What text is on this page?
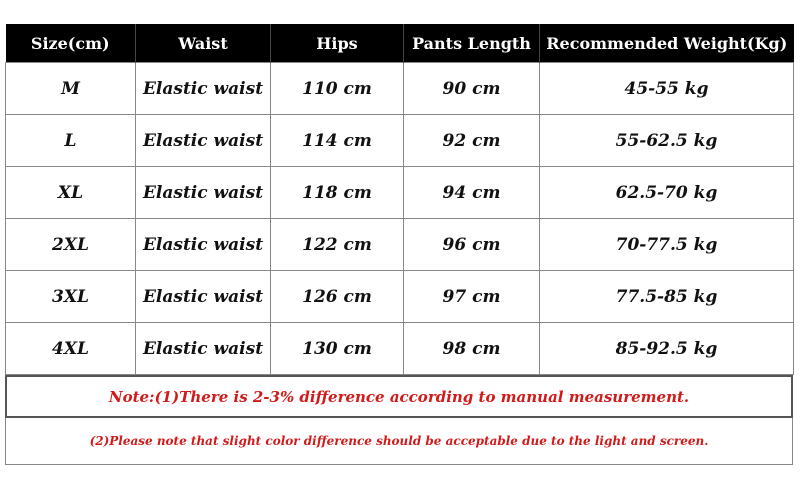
Size(cm)	Waist	Hips	Pants Length	Recommended Weight(Kg)
M	Elastic waist	110 cm	90 cm	45-55 kg
L	Elastic waist	114 cm	92 cm	55-62.5 kg
XL	Elastic waist	118 cm	94 cm	62.5-70 kg
2XL	Elastic waist	122 cm	96 cm	70-77.5 kg
3XL	Elastic waist	126 cm	97 cm	77.5-85 kg
4XL	Elastic waist	130 cm	98 cm	85-92.5 kg
Note:(1)There is 2-3% difference according to manual measurement.
(2)Please note that slight color difference should be acceptable due to the light and screen.
